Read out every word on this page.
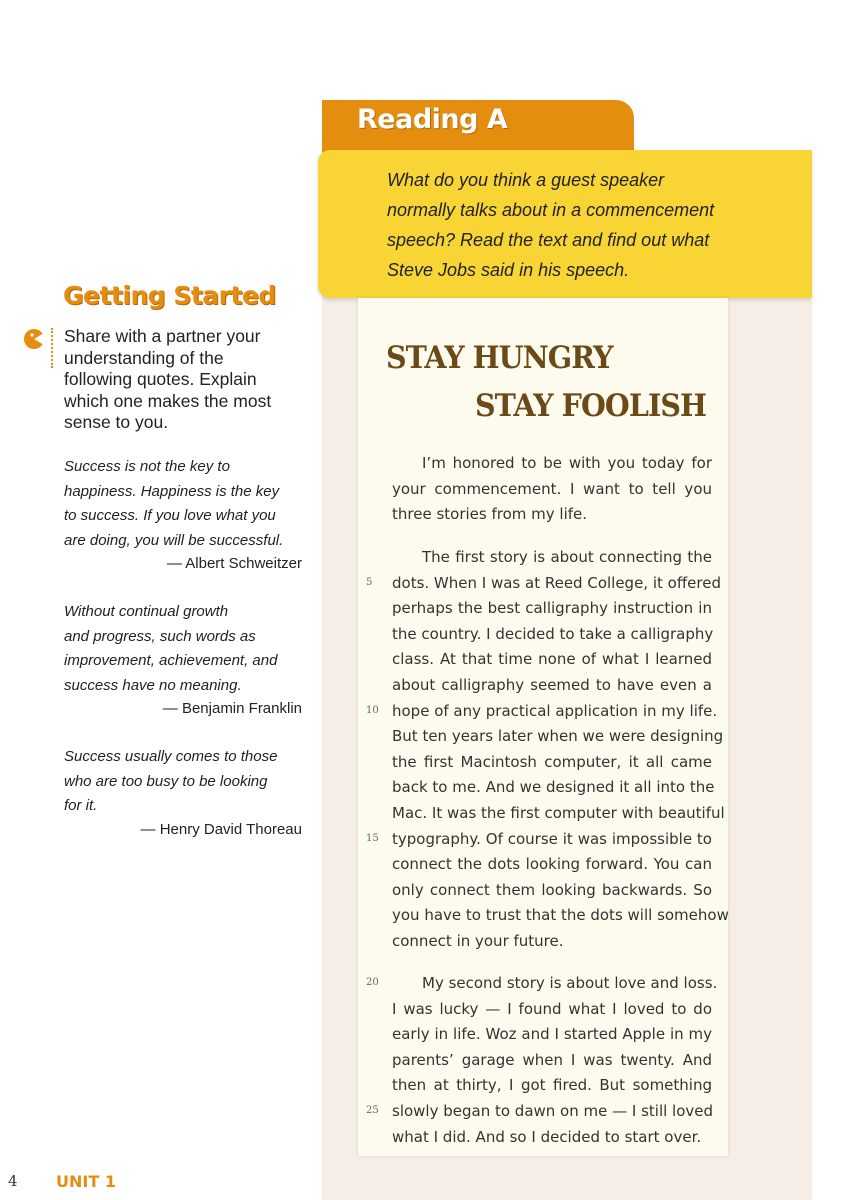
Reading A
What do you think a guest speaker
normally talks about in a commencement
speech? Read the text and find out what
Steve Jobs said in his speech.
STAY HUNGRY
STAY FOOLISH
I’m honored to be with you today for
your commencement. I want to tell you
three stories from my life.
The first story is about connecting the
dots. When I was at Reed College, it offered
perhaps the best calligraphy instruction in
the country. I decided to take a calligraphy
class. At that time none of what I learned
about calligraphy seemed to have even a
hope of any practical application in my life.
But ten years later when we were designing
the first Macintosh computer, it all came
back to me. And we designed it all into the
Mac. It was the first computer with beautiful
typography. Of course it was impossible to
connect the dots looking forward. You can
only connect them looking backwards. So
you have to trust that the dots will somehow
connect in your future.
My second story is about love and loss.
I was lucky — I found what I loved to do
early in life. Woz and I started Apple in my
parents’ garage when I was twenty. And
then at thirty, I got fired. But something
slowly began to dawn on me — I still loved
what I did. And so I decided to start over.
5
10
15
20
25
Getting Started
Share with a partner your
understanding of the
following quotes. Explain
which one makes the most
sense to you.
Success is not the key to
happiness. Happiness is the key
to success. If you love what you
are doing, you will be successful.
— Albert Schweitzer
Without continual growth
and progress, such words as
improvement, achievement, and
success have no meaning.
— Benjamin Franklin
Success usually comes to those
who are too busy to be looking
for it.
— Henry David Thoreau
4 UNIT 1
